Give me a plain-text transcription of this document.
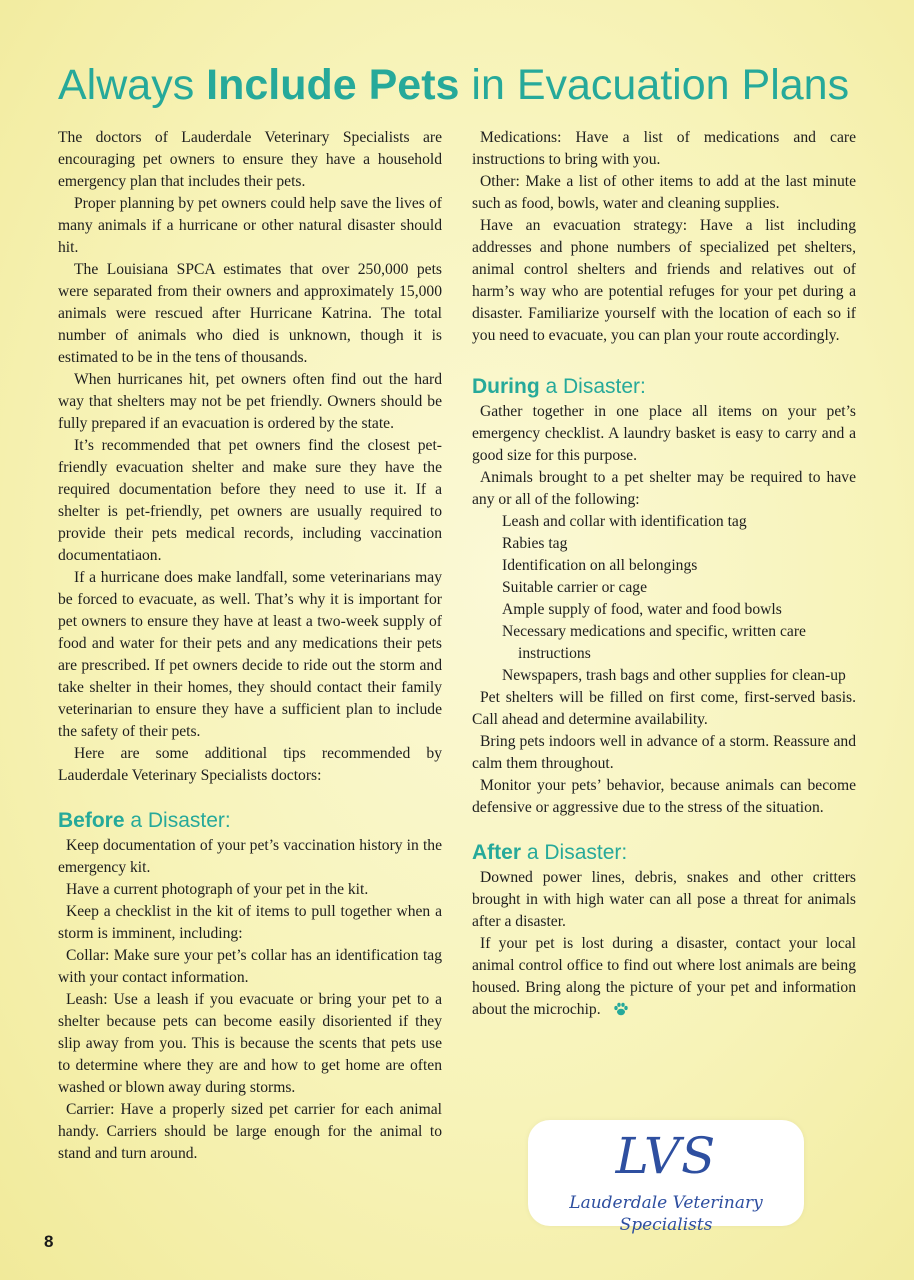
Always Include Pets in Evacuation Plans

The doctors of Lauderdale Veterinary Specialists are encouraging pet owners to ensure they have a household emergency plan that includes their pets.

Proper planning by pet owners could help save the lives of many animals if a hurricane or other natural disaster should hit.

The Louisiana SPCA estimates that over 250,000 pets were separated from their owners and approximately 15,000 animals were rescued after Hurricane Katrina. The total number of animals who died is unknown, though it is estimated to be in the tens of thousands.

When hurricanes hit, pet owners often find out the hard way that shelters may not be pet friendly. Owners should be fully prepared if an evacuation is ordered by the state.

It’s recommended that pet owners find the closest pet-friendly evacuation shelter and make sure they have the required documentation before they need to use it. If a shelter is pet-friendly, pet owners are usually required to provide their pets medical records, including vaccination documentatiaon.

If a hurricane does make landfall, some veterinarians may be forced to evacuate, as well. That’s why it is important for pet owners to ensure they have at least a two-week supply of food and water for their pets and any medications their pets are prescribed. If pet owners decide to ride out the storm and take shelter in their homes, they should contact their family veterinarian to ensure they have a sufficient plan to include the safety of their pets.

Here are some additional tips recommended by Lauderdale Veterinary Specialists doctors:

Before a Disaster:

Keep documentation of your pet’s vaccination history in the emergency kit.

Have a current photograph of your pet in the kit.

Keep a checklist in the kit of items to pull together when a storm is imminent, including:

Collar: Make sure your pet’s collar has an identification tag with your contact information.

Leash: Use a leash if you evacuate or bring your pet to a shelter because pets can become easily disoriented if they slip away from you. This is because the scents that pets use to determine where they are and how to get home are often washed or blown away during storms.

Carrier: Have a properly sized pet carrier for each animal handy. Carriers should be large enough for the animal to stand and turn around.

Medications: Have a list of medications and care instructions to bring with you.

Other: Make a list of other items to add at the last minute such as food, bowls, water and cleaning supplies.

Have an evacuation strategy: Have a list including addresses and phone numbers of specialized pet shelters, animal control shelters and friends and relatives out of harm’s way who are potential refuges for your pet during a disaster. Familiarize yourself with the location of each so if you need to evacuate, you can plan your route accordingly.

During a Disaster:

Gather together in one place all items on your pet’s emergency checklist. A laundry basket is easy to carry and a good size for this purpose.

Animals brought to a pet shelter may be required to have any or all of the following:

Leash and collar with identification tag
Rabies tag
Identification on all belongings
Suitable carrier or cage
Ample supply of food, water and food bowls
Necessary medications and specific, written care instructions
Newspapers, trash bags and other supplies for clean-up

Pet shelters will be filled on first come, first-served basis. Call ahead and determine availability.

Bring pets indoors well in advance of a storm. Reassure and calm them throughout.

Monitor your pets’ behavior, because animals can become defensive or aggressive due to the stress of the situation.

After a Disaster:

Downed power lines, debris, snakes and other critters brought in with high water can all pose a threat for animals after a disaster.

If your pet is lost during a disaster, contact your local animal control office to find out where lost animals are being housed. Bring along the picture of your pet and information about the microchip.

LVS
Lauderdale Veterinary Specialists
8
